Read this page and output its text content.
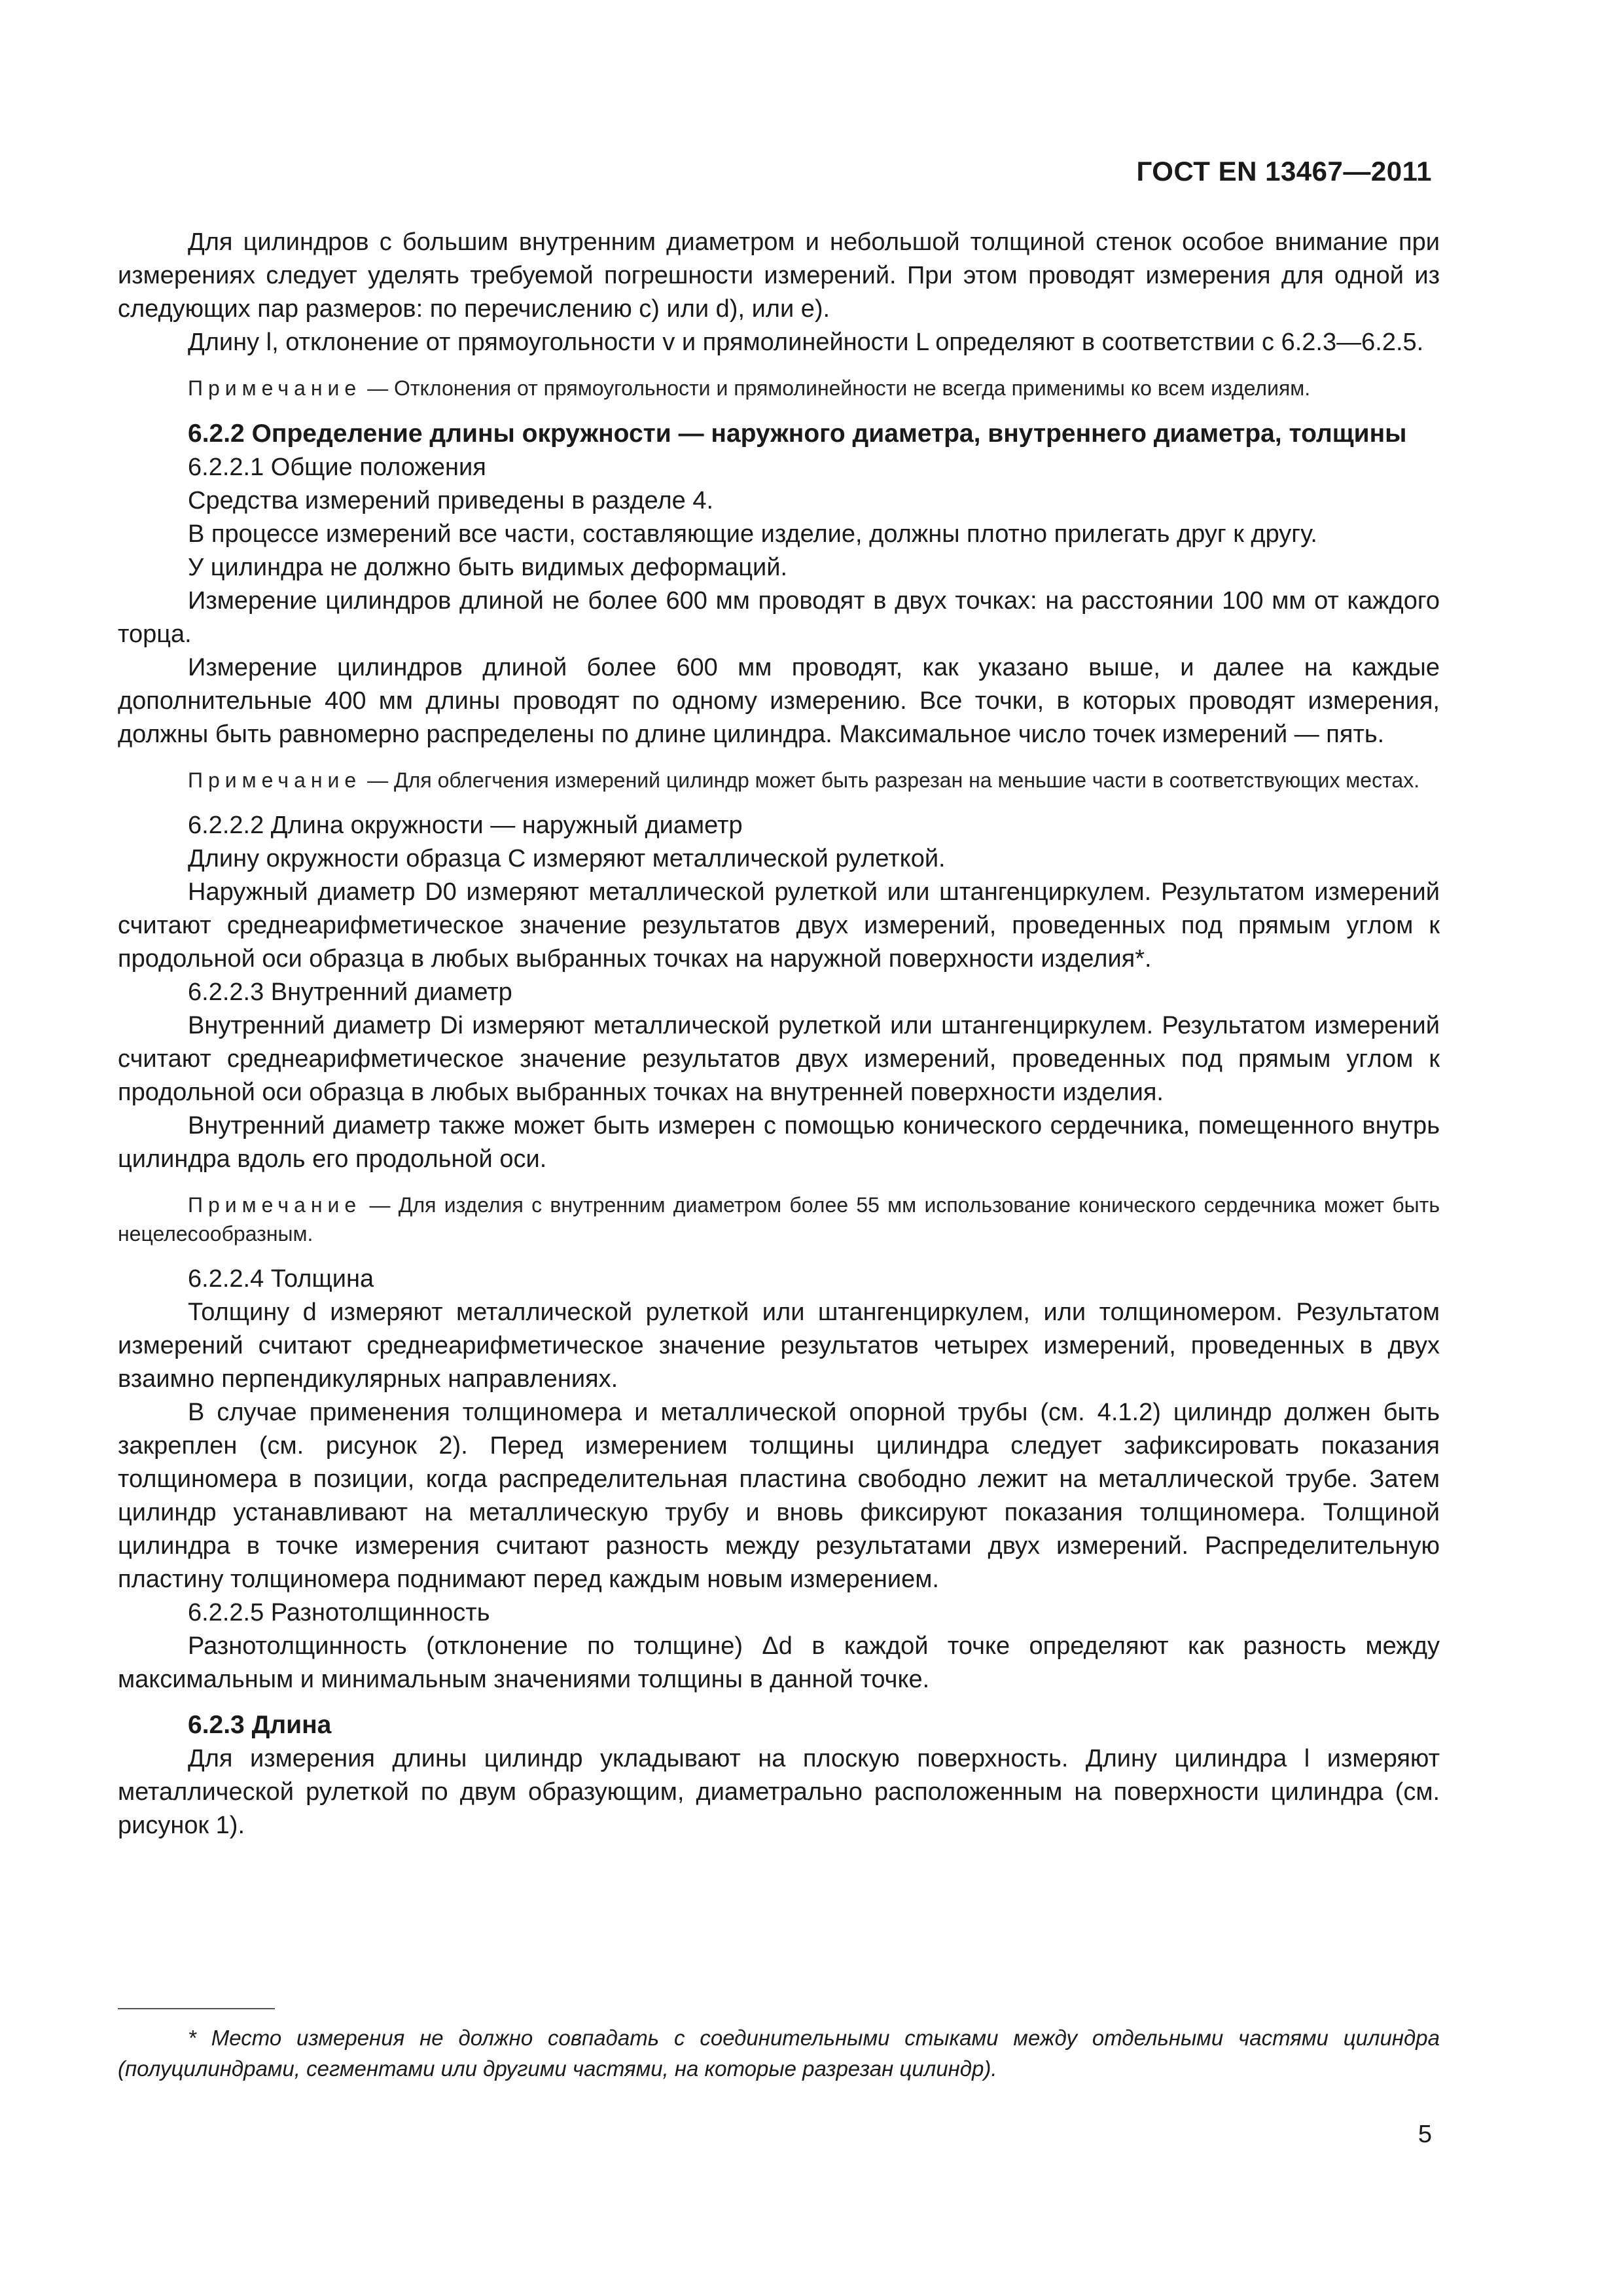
ГОСТ EN 13467—2011

Для цилиндров с большим внутренним диаметром и небольшой толщиной стенок особое внимание при измерениях следует уделять требуемой погрешности измерений. При этом проводят измерения для одной из следующих пар размеров: по перечислению с) или d), или е).

Длину l, отклонение от прямоугольности v и прямолинейности L определяют в соответствии с 6.2.3—6.2.5.

Примечание — Отклонения от прямоугольности и прямолинейности не всегда применимы ко всем изделиям.

6.2.2 Определение длины окружности — наружного диаметра, внутреннего диаметра, толщины

6.2.2.1 Общие положения

Средства измерений приведены в разделе 4.

В процессе измерений все части, составляющие изделие, должны плотно прилегать друг к другу.

У цилиндра не должно быть видимых деформаций.

Измерение цилиндров длиной не более 600 мм проводят в двух точках: на расстоянии 100 мм от каждого торца.

Измерение цилиндров длиной более 600 мм проводят, как указано выше, и далее на каждые дополнительные 400 мм длины проводят по одному измерению. Все точки, в которых проводят измерения, должны быть равномерно распределены по длине цилиндра. Максимальное число точек измерений — пять.

Примечание — Для облегчения измерений цилиндр может быть разрезан на меньшие части в соответствующих местах.

6.2.2.2 Длина окружности — наружный диаметр

Длину окружности образца C измеряют металлической рулеткой.

Наружный диаметр D0 измеряют металлической рулеткой или штангенциркулем. Результатом измерений считают среднеарифметическое значение результатов двух измерений, проведенных под прямым углом к продольной оси образца в любых выбранных точках на наружной поверхности изделия*.

6.2.2.3 Внутренний диаметр

Внутренний диаметр Di измеряют металлической рулеткой или штангенциркулем. Результатом измерений считают среднеарифметическое значение результатов двух измерений, проведенных под прямым углом к продольной оси образца в любых выбранных точках на внутренней поверхности изделия.

Внутренний диаметр также может быть измерен с помощью конического сердечника, помещенного внутрь цилиндра вдоль его продольной оси.

Примечание — Для изделия с внутренним диаметром более 55 мм использование конического сердечника может быть нецелесообразным.

6.2.2.4 Толщина

Толщину d измеряют металлической рулеткой или штангенциркулем, или толщиномером. Результатом измерений считают среднеарифметическое значение результатов четырех измерений, проведенных в двух взаимно перпендикулярных направлениях.

В случае применения толщиномера и металлической опорной трубы (см. 4.1.2) цилиндр должен быть закреплен (см. рисунок 2). Перед измерением толщины цилиндра следует зафиксировать показания толщиномера в позиции, когда распределительная пластина свободно лежит на металлической трубе. Затем цилиндр устанавливают на металлическую трубу и вновь фиксируют показания толщиномера. Толщиной цилиндра в точке измерения считают разность между результатами двух измерений. Распределительную пластину толщиномера поднимают перед каждым новым измерением.

6.2.2.5 Разнотолщинность

Разнотолщинность (отклонение по толщине) Δd в каждой точке определяют как разность между максимальным и минимальным значениями толщины в данной точке.

6.2.3 Длина

Для измерения длины цилиндр укладывают на плоскую поверхность. Длину цилиндра l измеряют металлической рулеткой по двум образующим, диаметрально расположенным на поверхности цилиндра (см. рисунок 1).

* Место измерения не должно совпадать с соединительными стыками между отдельными частями цилиндра (полуцилиндрами, сегментами или другими частями, на которые разрезан цилиндр).
5
